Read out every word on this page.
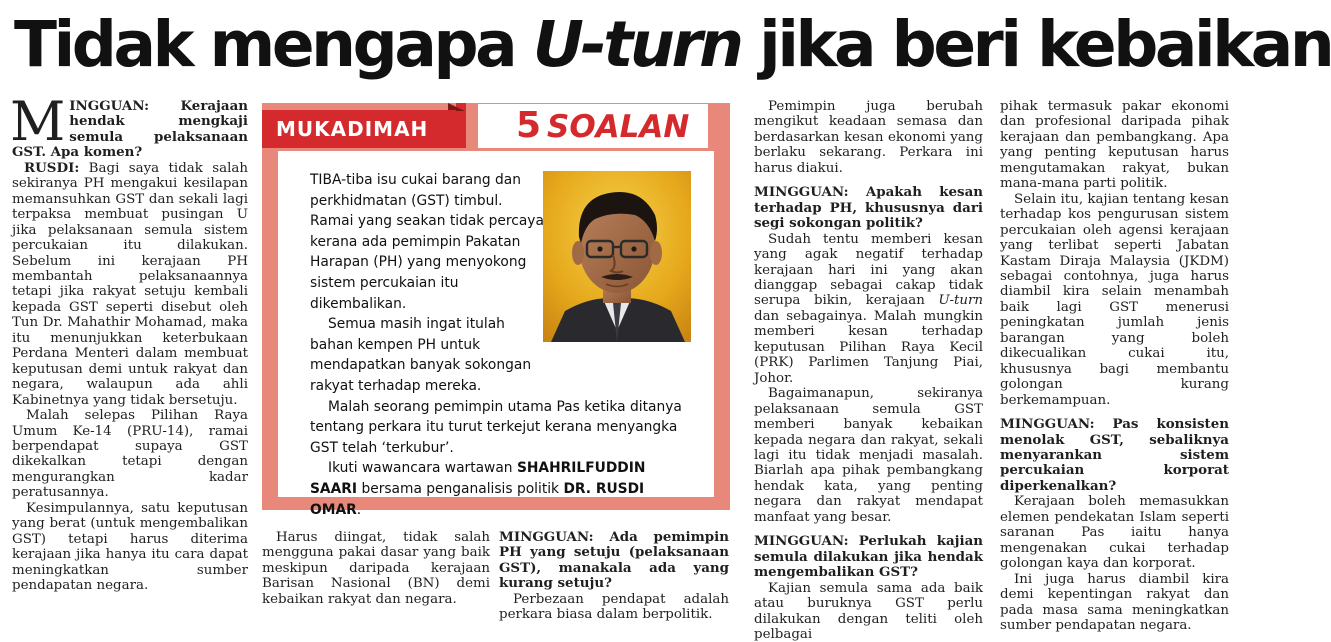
Tidak mengapa U-turn jika beri kebaikan

MINGGUAN: Kerajaan hendak mengkaji semula pelaksanaan GST. Apa komen?

RUSDI: Bagi saya tidak salah sekiranya PH mengakui kesilapan memansuhkan GST dan sekali lagi terpaksa membuat pusingan U jika pelaksanaan semula sistem percukaian itu dilakukan. Sebelum ini kerajaan PH membantah pelaksanaannya tetapi jika rakyat setuju kembali kepada GST seperti disebut oleh Tun Dr. Mahathir Mohamad, maka itu menunjukkan keterbukaan Perdana Menteri dalam membuat keputusan demi untuk rakyat dan negara, walaupun ada ahli Kabinetnya yang tidak bersetuju.

Malah selepas Pilihan Raya Umum Ke-14 (PRU-14), ramai berpendapat supaya GST dikekalkan tetapi dengan mengurangkan kadar peratusannya.

Kesimpulannya, satu keputusan yang berat (untuk mengembalikan GST) tetapi harus diterima kerajaan jika hanya itu cara dapat meningkatkan sumber pendapatan negara.

MUKADIMAH	5 SOALAN

TIBA-tiba isu cukai barang dan perkhidmatan (GST) timbul. Ramai yang seakan tidak percaya kerana ada pemimpin Pakatan Harapan (PH) yang menyokong sistem percukaian itu dikembalikan.

Semua masih ingat itulah bahan kempen PH untuk mendapatkan banyak sokongan rakyat terhadap mereka.

Malah seorang pemimpin utama Pas ketika ditanya tentang perkara itu turut terkejut kerana menyangka GST telah ‘terkubur’.

Ikuti wawancara wartawan SHAHRILFUDDIN SAARI bersama penganalisis politik DR. RUSDI OMAR.

Harus diingat, tidak salah mengguna pakai dasar yang baik meskipun daripada kerajaan Barisan Nasional (BN) demi kebaikan rakyat dan negara.

MINGGUAN: Ada pemimpin PH yang setuju (pelaksanaan GST), manakala ada yang kurang setuju?

Perbezaan pendapat adalah perkara biasa dalam berpolitik.

Pemimpin juga berubah mengikut keadaan semasa dan berdasarkan kesan ekonomi yang berlaku sekarang. Perkara ini harus diakui.

MINGGUAN: Apakah kesan terhadap PH, khususnya dari segi sokongan politik?

Sudah tentu memberi kesan yang agak negatif terhadap kerajaan hari ini yang akan dianggap sebagai cakap tidak serupa bikin, kerajaan U-turn dan sebagainya. Malah mungkin memberi kesan terhadap keputusan Pilihan Raya Kecil (PRK) Parlimen Tanjung Piai, Johor.

Bagaimanapun, sekiranya pelaksanaan semula GST memberi banyak kebaikan kepada negara dan rakyat, sekali lagi itu tidak menjadi masalah. Biarlah apa pihak pembangkang hendak kata, yang penting negara dan rakyat mendapat manfaat yang besar.

MINGGUAN: Perlukah kajian semula dilakukan jika hendak mengembalikan GST?

Kajian semula sama ada baik atau buruknya GST perlu dilakukan dengan teliti oleh pelbagai

pihak termasuk pakar ekonomi dan profesional daripada pihak kerajaan dan pembangkang. Apa yang penting keputusan harus mengutamakan rakyat, bukan mana-mana parti politik.

Selain itu, kajian tentang kesan terhadap kos pengurusan sistem percukaian oleh agensi kerajaan yang terlibat seperti Jabatan Kastam Diraja Malaysia (JKDM) sebagai contohnya, juga harus diambil kira selain menambah baik lagi GST menerusi peningkatan jumlah jenis barangan yang boleh dikecualikan cukai itu, khususnya bagi membantu golongan kurang berkemampuan.

MINGGUAN: Pas konsisten menolak GST, sebaliknya menyarankan sistem percukaian korporat diperkenalkan?

Kerajaan boleh memasukkan elemen pendekatan Islam seperti saranan Pas iaitu hanya mengenakan cukai terhadap golongan kaya dan korporat.

Ini juga harus diambil kira demi kepentingan rakyat dan pada masa sama meningkatkan sumber pendapatan negara.
